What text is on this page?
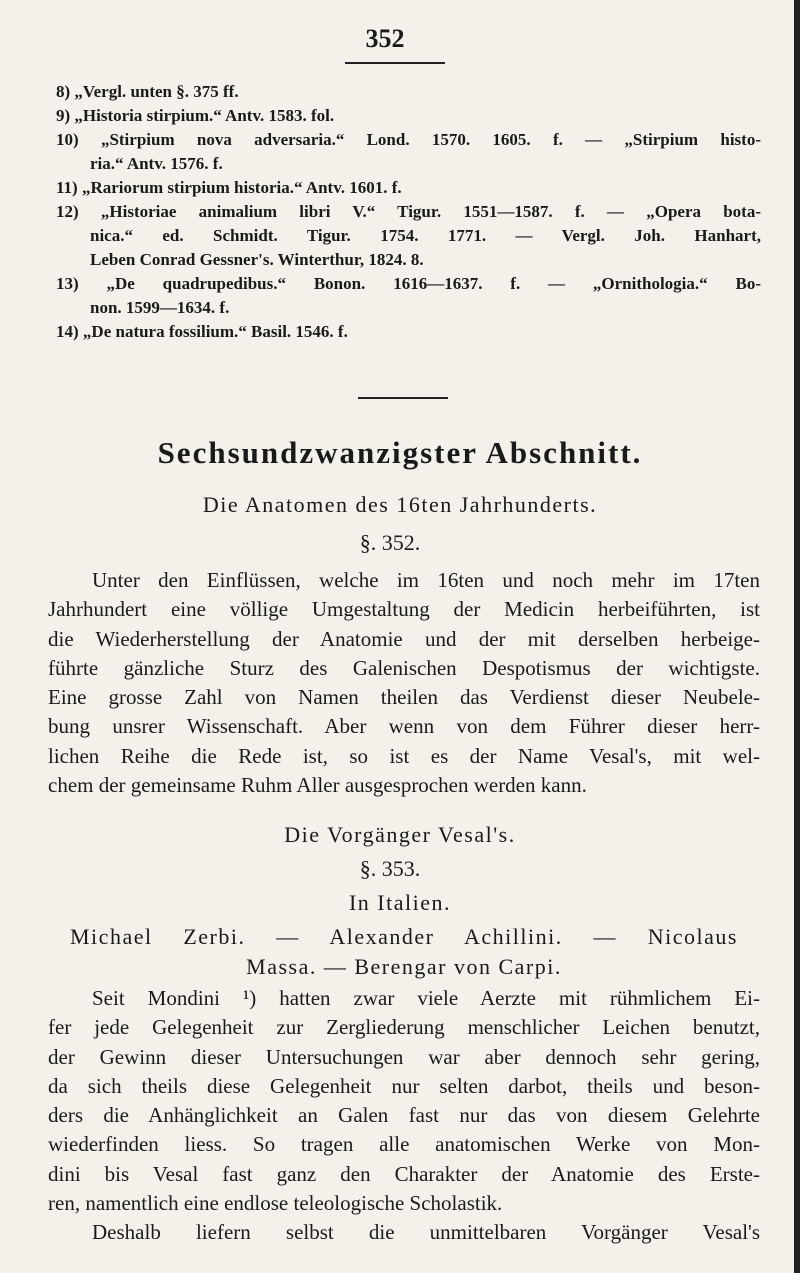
352
8) „Vergl. unten §. 375 ff.
9) „Historia stirpium.“ Antv. 1583. fol.
10) „Stirpium nova adversaria.“ Lond. 1570. 1605. f. — „Stirpium histo-
ria.“ Antv. 1576. f.
11) „Rariorum stirpium historia.“ Antv. 1601. f.
12) „Historiae animalium libri V.“ Tigur. 1551—1587. f. — „Opera bota-
nica.“ ed. Schmidt. Tigur. 1754. 1771. — Vergl. Joh. Hanhart,
Leben Conrad Gessner's. Winterthur, 1824. 8.
13) „De quadrupedibus.“ Bonon. 1616—1637. f. — „Ornithologia.“ Bo-
non. 1599—1634. f.
14) „De natura fossilium.“ Basil. 1546. f.
Sechsundzwanzigster Abschnitt.
Die Anatomen des 16ten Jahrhunderts.
§. 352.
Unter den Einflüssen, welche im 16ten und noch mehr im 17ten
Jahrhundert eine völlige Umgestaltung der Medicin herbeiführten, ist
die Wiederherstellung der Anatomie und der mit derselben herbeige-
führte gänzliche Sturz des Galenischen Despotismus der wichtigste.
Eine grosse Zahl von Namen theilen das Verdienst dieser Neubele-
bung unsrer Wissenschaft. Aber wenn von dem Führer dieser herr-
lichen Reihe die Rede ist, so ist es der Name Vesal's, mit wel-
chem der gemeinsame Ruhm Aller ausgesprochen werden kann.
Die Vorgänger Vesal's.
§. 353.
In Italien.
Michael Zerbi. — Alexander Achillini. — Nicolaus
Massa. — Berengar von Carpi.
Seit Mondini ¹) hatten zwar viele Aerzte mit rühmlichem Ei-
fer jede Gelegenheit zur Zergliederung menschlicher Leichen benutzt,
der Gewinn dieser Untersuchungen war aber dennoch sehr gering,
da sich theils diese Gelegenheit nur selten darbot, theils und beson-
ders die Anhänglichkeit an Galen fast nur das von diesem Gelehrte
wiederfinden liess. So tragen alle anatomischen Werke von Mon-
dini bis Vesal fast ganz den Charakter der Anatomie des Erste-
ren, namentlich eine endlose teleologische Scholastik.
Deshalb liefern selbst die unmittelbaren Vorgänger Vesal's
